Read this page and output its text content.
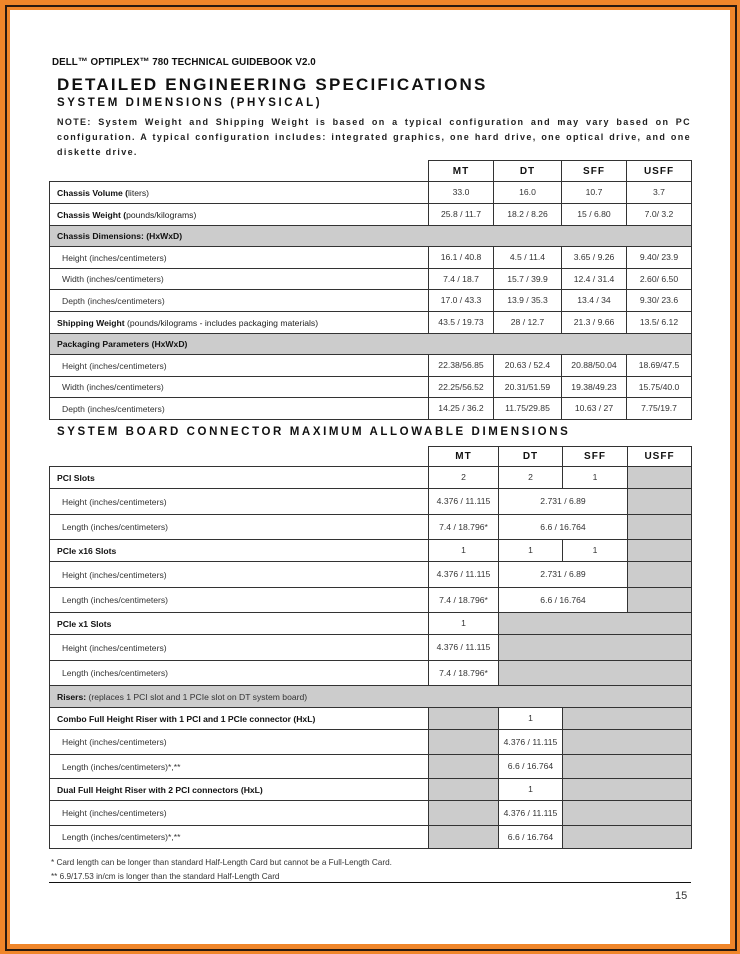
DELL™ OPTIPLEX™ 780 TECHNICAL GUIDEBOOK V2.0
DETAILED ENGINEERING SPECIFICATIONS
SYSTEM DIMENSIONS (PHYSICAL)
NOTE: System Weight and Shipping Weight is based on a typical configuration and may vary based on PC configuration. A typical configuration includes: integrated graphics, one hard drive, one optical drive, and one diskette drive.
	MT	DT	SFF	USFF
Chassis Volume (liters)	33.0	16.0	10.7	3.7
Chassis Weight (pounds/kilograms)	25.8 / 11.7	18.2 / 8.26	15 / 6.80	7.0/ 3.2
Chassis Dimensions: (HxWxD)				
Height (inches/centimeters)	16.1 / 40.8	4.5 / 11.4	3.65 / 9.26	9.40/ 23.9
Width (inches/centimeters)	7.4 / 18.7	15.7 / 39.9	12.4 / 31.4	2.60/ 6.50
Depth (inches/centimeters)	17.0 / 43.3	13.9 / 35.3	13.4 / 34	9.30/ 23.6
Shipping Weight (pounds/kilograms - includes packaging materials)	43.5 / 19.73	28 / 12.7	21.3 / 9.66	13.5/ 6.12
Packaging Parameters (HxWxD)				
Height (inches/centimeters)	22.38/56.85	20.63 / 52.4	20.88/50.04	18.69/47.5
Width (inches/centimeters)	22.25/56.52	20.31/51.59	19.38/49.23	15.75/40.0
Depth (inches/centimeters)	14.25 / 36.2	11.75/29.85	10.63 / 27	7.75/19.7
SYSTEM BOARD CONNECTOR MAXIMUM ALLOWABLE DIMENSIONS
	MT	DT	SFF	USFF
PCI Slots	2	2	1	
Height (inches/centimeters)	4.376 / 11.115	2.731 / 6.89		
Length (inches/centimeters)	7.4 / 18.796*	6.6 / 16.764		
PCIe x16 Slots	1	1	1	
Height (inches/centimeters)	4.376 / 11.115	2.731 / 6.89		
Length (inches/centimeters)	7.4 / 18.796*	6.6 / 16.764		
PCIe x1 Slots	1			
Height (inches/centimeters)	4.376 / 11.115			
Length (inches/centimeters)	7.4 / 18.796*			
Risers: (replaces 1 PCI slot and 1 PCIe slot on DT system board)				
Combo Full Height Riser with 1 PCI and 1 PCIe connector (HxL)		1		
Height (inches/centimeters)		4.376 / 11.115		
Length (inches/centimeters)*,**		6.6 / 16.764		
Dual Full Height Riser with 2 PCI connectors (HxL)		1		
Height (inches/centimeters)		4.376 / 11.115		
Length (inches/centimeters)*,**		6.6 / 16.764		
* Card length can be longer than standard Half-Length Card but cannot be a Full-Length Card.
** 6.9/17.53 in/cm is longer than the standard Half-Length Card
15
